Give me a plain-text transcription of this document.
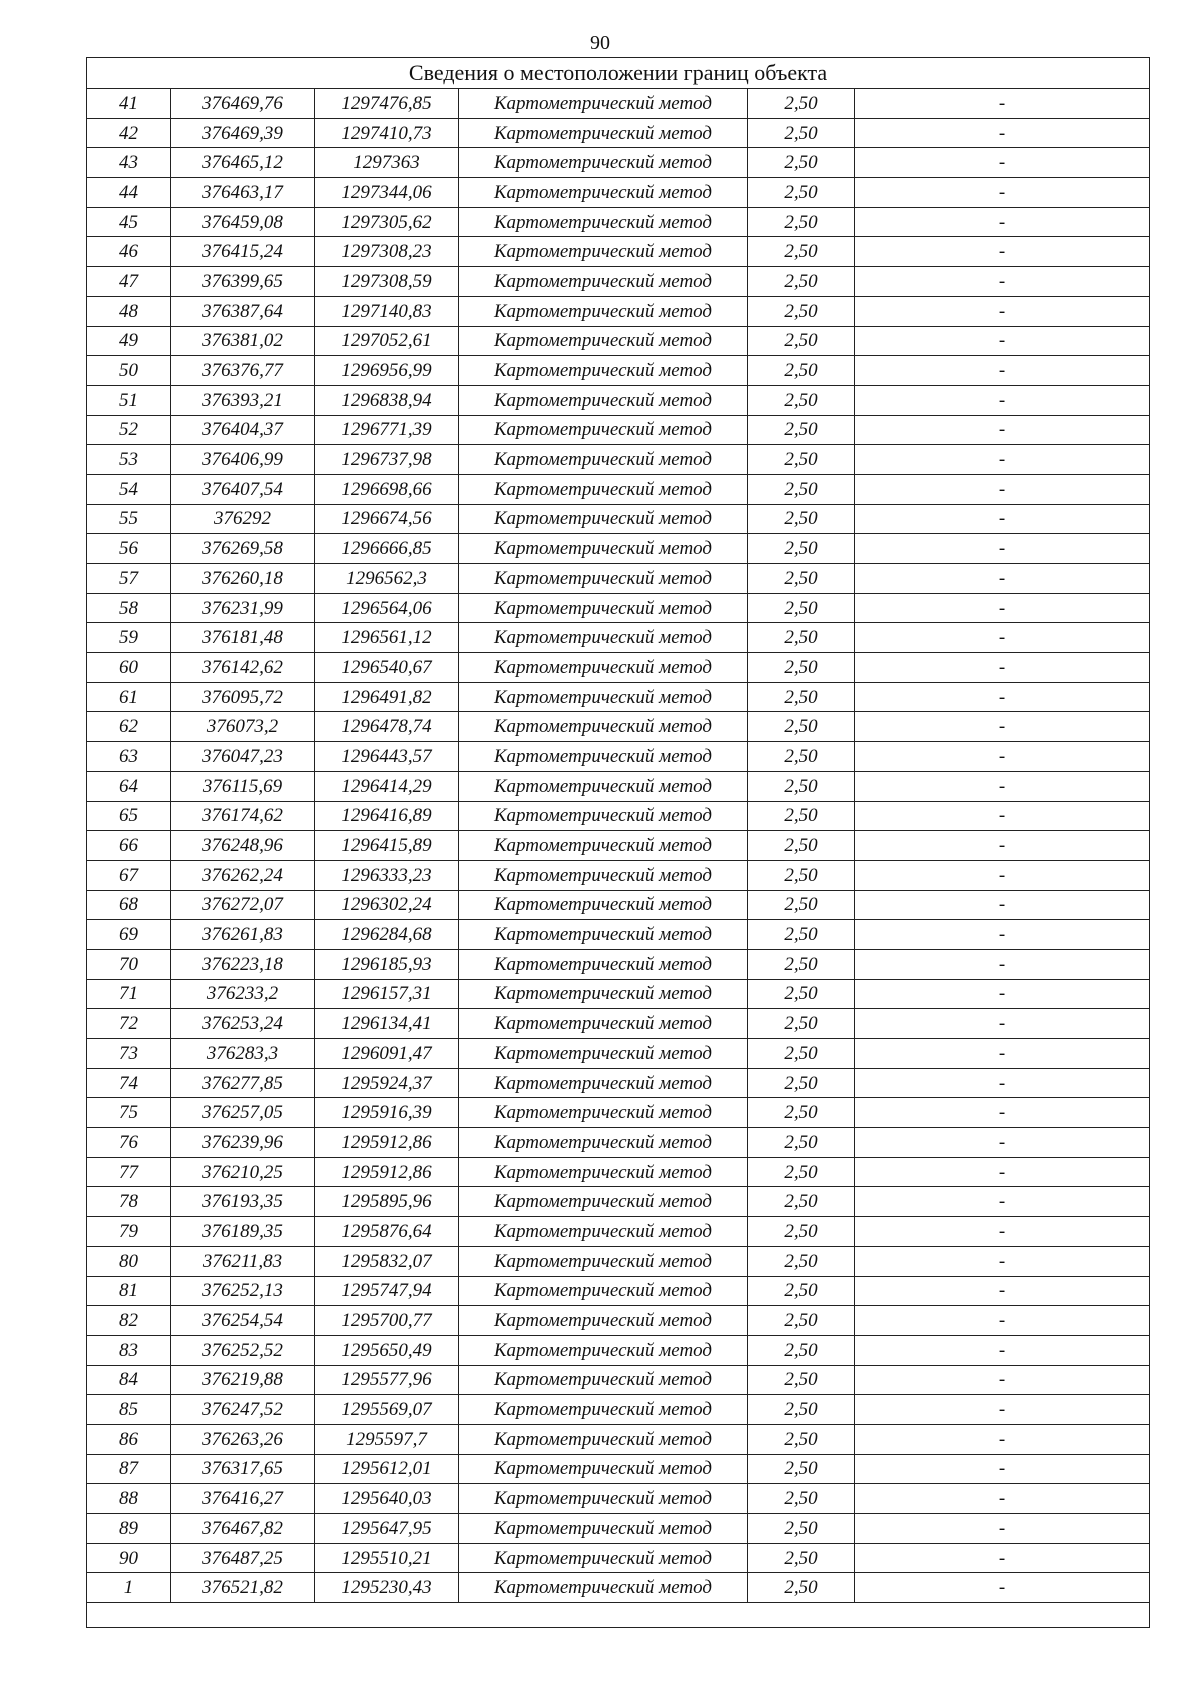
90
Сведения о местоположении границ объекта					
41	376469,76	1297476,85	Картометрический метод	2,50	-
42	376469,39	1297410,73	Картометрический метод	2,50	-
43	376465,12	1297363	Картометрический метод	2,50	-
44	376463,17	1297344,06	Картометрический метод	2,50	-
45	376459,08	1297305,62	Картометрический метод	2,50	-
46	376415,24	1297308,23	Картометрический метод	2,50	-
47	376399,65	1297308,59	Картометрический метод	2,50	-
48	376387,64	1297140,83	Картометрический метод	2,50	-
49	376381,02	1297052,61	Картометрический метод	2,50	-
50	376376,77	1296956,99	Картометрический метод	2,50	-
51	376393,21	1296838,94	Картометрический метод	2,50	-
52	376404,37	1296771,39	Картометрический метод	2,50	-
53	376406,99	1296737,98	Картометрический метод	2,50	-
54	376407,54	1296698,66	Картометрический метод	2,50	-
55	376292	1296674,56	Картометрический метод	2,50	-
56	376269,58	1296666,85	Картометрический метод	2,50	-
57	376260,18	1296562,3	Картометрический метод	2,50	-
58	376231,99	1296564,06	Картометрический метод	2,50	-
59	376181,48	1296561,12	Картометрический метод	2,50	-
60	376142,62	1296540,67	Картометрический метод	2,50	-
61	376095,72	1296491,82	Картометрический метод	2,50	-
62	376073,2	1296478,74	Картометрический метод	2,50	-
63	376047,23	1296443,57	Картометрический метод	2,50	-
64	376115,69	1296414,29	Картометрический метод	2,50	-
65	376174,62	1296416,89	Картометрический метод	2,50	-
66	376248,96	1296415,89	Картометрический метод	2,50	-
67	376262,24	1296333,23	Картометрический метод	2,50	-
68	376272,07	1296302,24	Картометрический метод	2,50	-
69	376261,83	1296284,68	Картометрический метод	2,50	-
70	376223,18	1296185,93	Картометрический метод	2,50	-
71	376233,2	1296157,31	Картометрический метод	2,50	-
72	376253,24	1296134,41	Картометрический метод	2,50	-
73	376283,3	1296091,47	Картометрический метод	2,50	-
74	376277,85	1295924,37	Картометрический метод	2,50	-
75	376257,05	1295916,39	Картометрический метод	2,50	-
76	376239,96	1295912,86	Картометрический метод	2,50	-
77	376210,25	1295912,86	Картометрический метод	2,50	-
78	376193,35	1295895,96	Картометрический метод	2,50	-
79	376189,35	1295876,64	Картометрический метод	2,50	-
80	376211,83	1295832,07	Картометрический метод	2,50	-
81	376252,13	1295747,94	Картометрический метод	2,50	-
82	376254,54	1295700,77	Картометрический метод	2,50	-
83	376252,52	1295650,49	Картометрический метод	2,50	-
84	376219,88	1295577,96	Картометрический метод	2,50	-
85	376247,52	1295569,07	Картометрический метод	2,50	-
86	376263,26	1295597,7	Картометрический метод	2,50	-
87	376317,65	1295612,01	Картометрический метод	2,50	-
88	376416,27	1295640,03	Картометрический метод	2,50	-
89	376467,82	1295647,95	Картометрический метод	2,50	-
90	376487,25	1295510,21	Картометрический метод	2,50	-
1	376521,82	1295230,43	Картометрический метод	2,50	-
